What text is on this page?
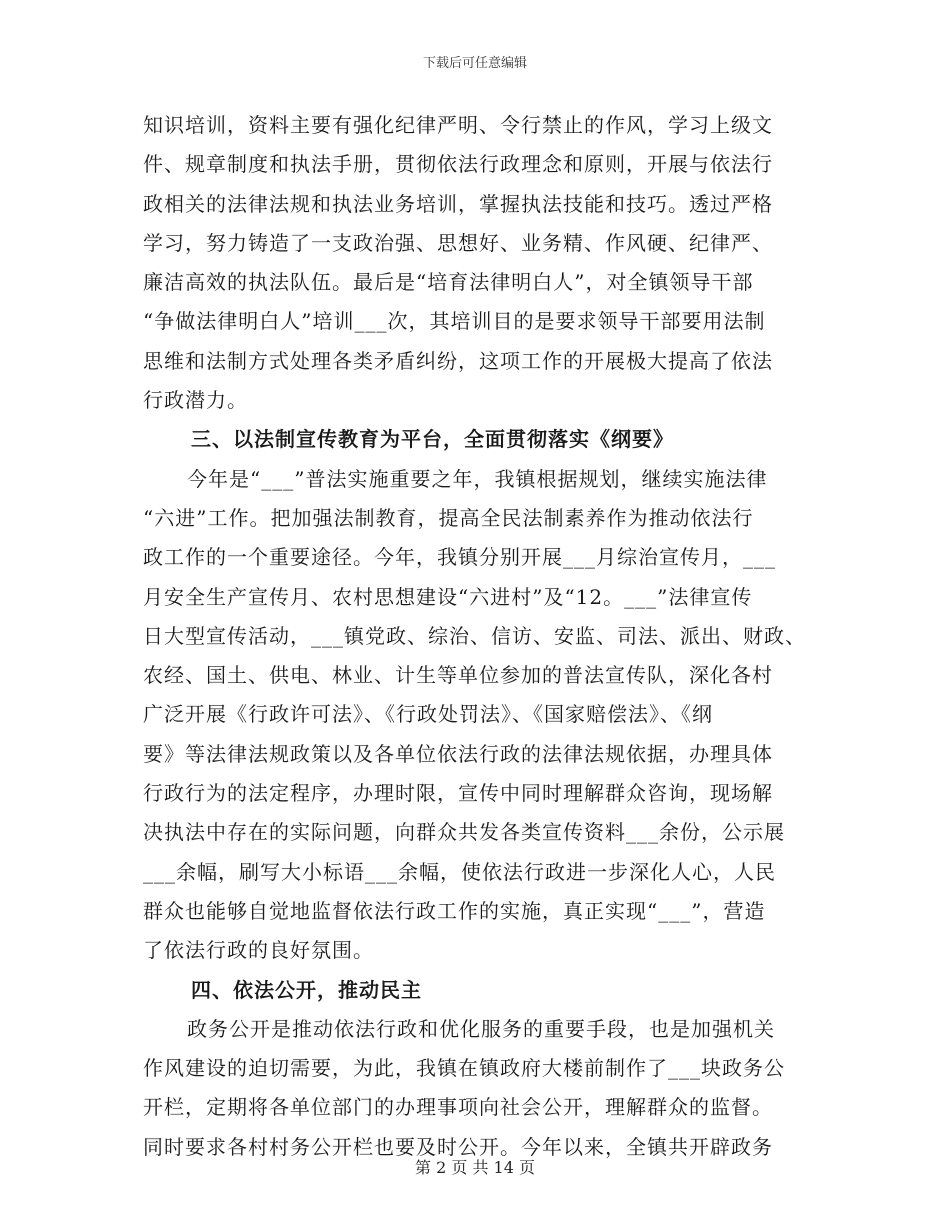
下载后可任意编辑
知识培训，资料主要有强化纪律严明、令行禁止的作风，学习上级文
件、规章制度和执法手册，贯彻依法行政理念和原则，开展与依法行
政相关的法律法规和执法业务培训，掌握执法技能和技巧。透过严格
学习，努力铸造了一支政治强、思想好、业务精、作风硬、纪律严、
廉洁高效的执法队伍。最后是“培育法律明白人”，对全镇领导干部
“争做法律明白人”培训___次，其培训目的是要求领导干部要用法制
思维和法制方式处理各类矛盾纠纷，这项工作的开展极大提高了依法
行政潜力。
三、以法制宣传教育为平台，全面贯彻落实《纲要》
今年是“___”普法实施重要之年，我镇根据规划，继续实施法律
“六进”工作。把加强法制教育，提高全民法制素养作为推动依法行
政工作的一个重要途径。今年，我镇分别开展___月综治宣传月，___
月安全生产宣传月、农村思想建设“六进村”及“12。___”法律宣传
日大型宣传活动，___镇党政、综治、信访、安监、司法、派出、财政、
农经、国土、供电、林业、计生等单位参加的普法宣传队，深化各村
广泛开展《行政许可法》、《行政处罚法》、《国家赔偿法》、《纲
要》等法律法规政策以及各单位依法行政的法律法规依据，办理具体
行政行为的法定程序，办理时限，宣传中同时理解群众咨询，现场解
决执法中存在的实际问题，向群众共发各类宣传资料___余份，公示展
___余幅，刷写大小标语___余幅，使依法行政进一步深化人心，人民
群众也能够自觉地监督依法行政工作的实施，真正实现“___”，营造
了依法行政的良好氛围。
四、依法公开，推动民主
政务公开是推动依法行政和优化服务的重要手段，也是加强机关
作风建设的迫切需要，为此，我镇在镇政府大楼前制作了___块政务公
开栏，定期将各单位部门的办理事项向社会公开，理解群众的监督。
同时要求各村村务公开栏也要及时公开。今年以来，全镇共开辟政务
第 2 页 共 14 页
